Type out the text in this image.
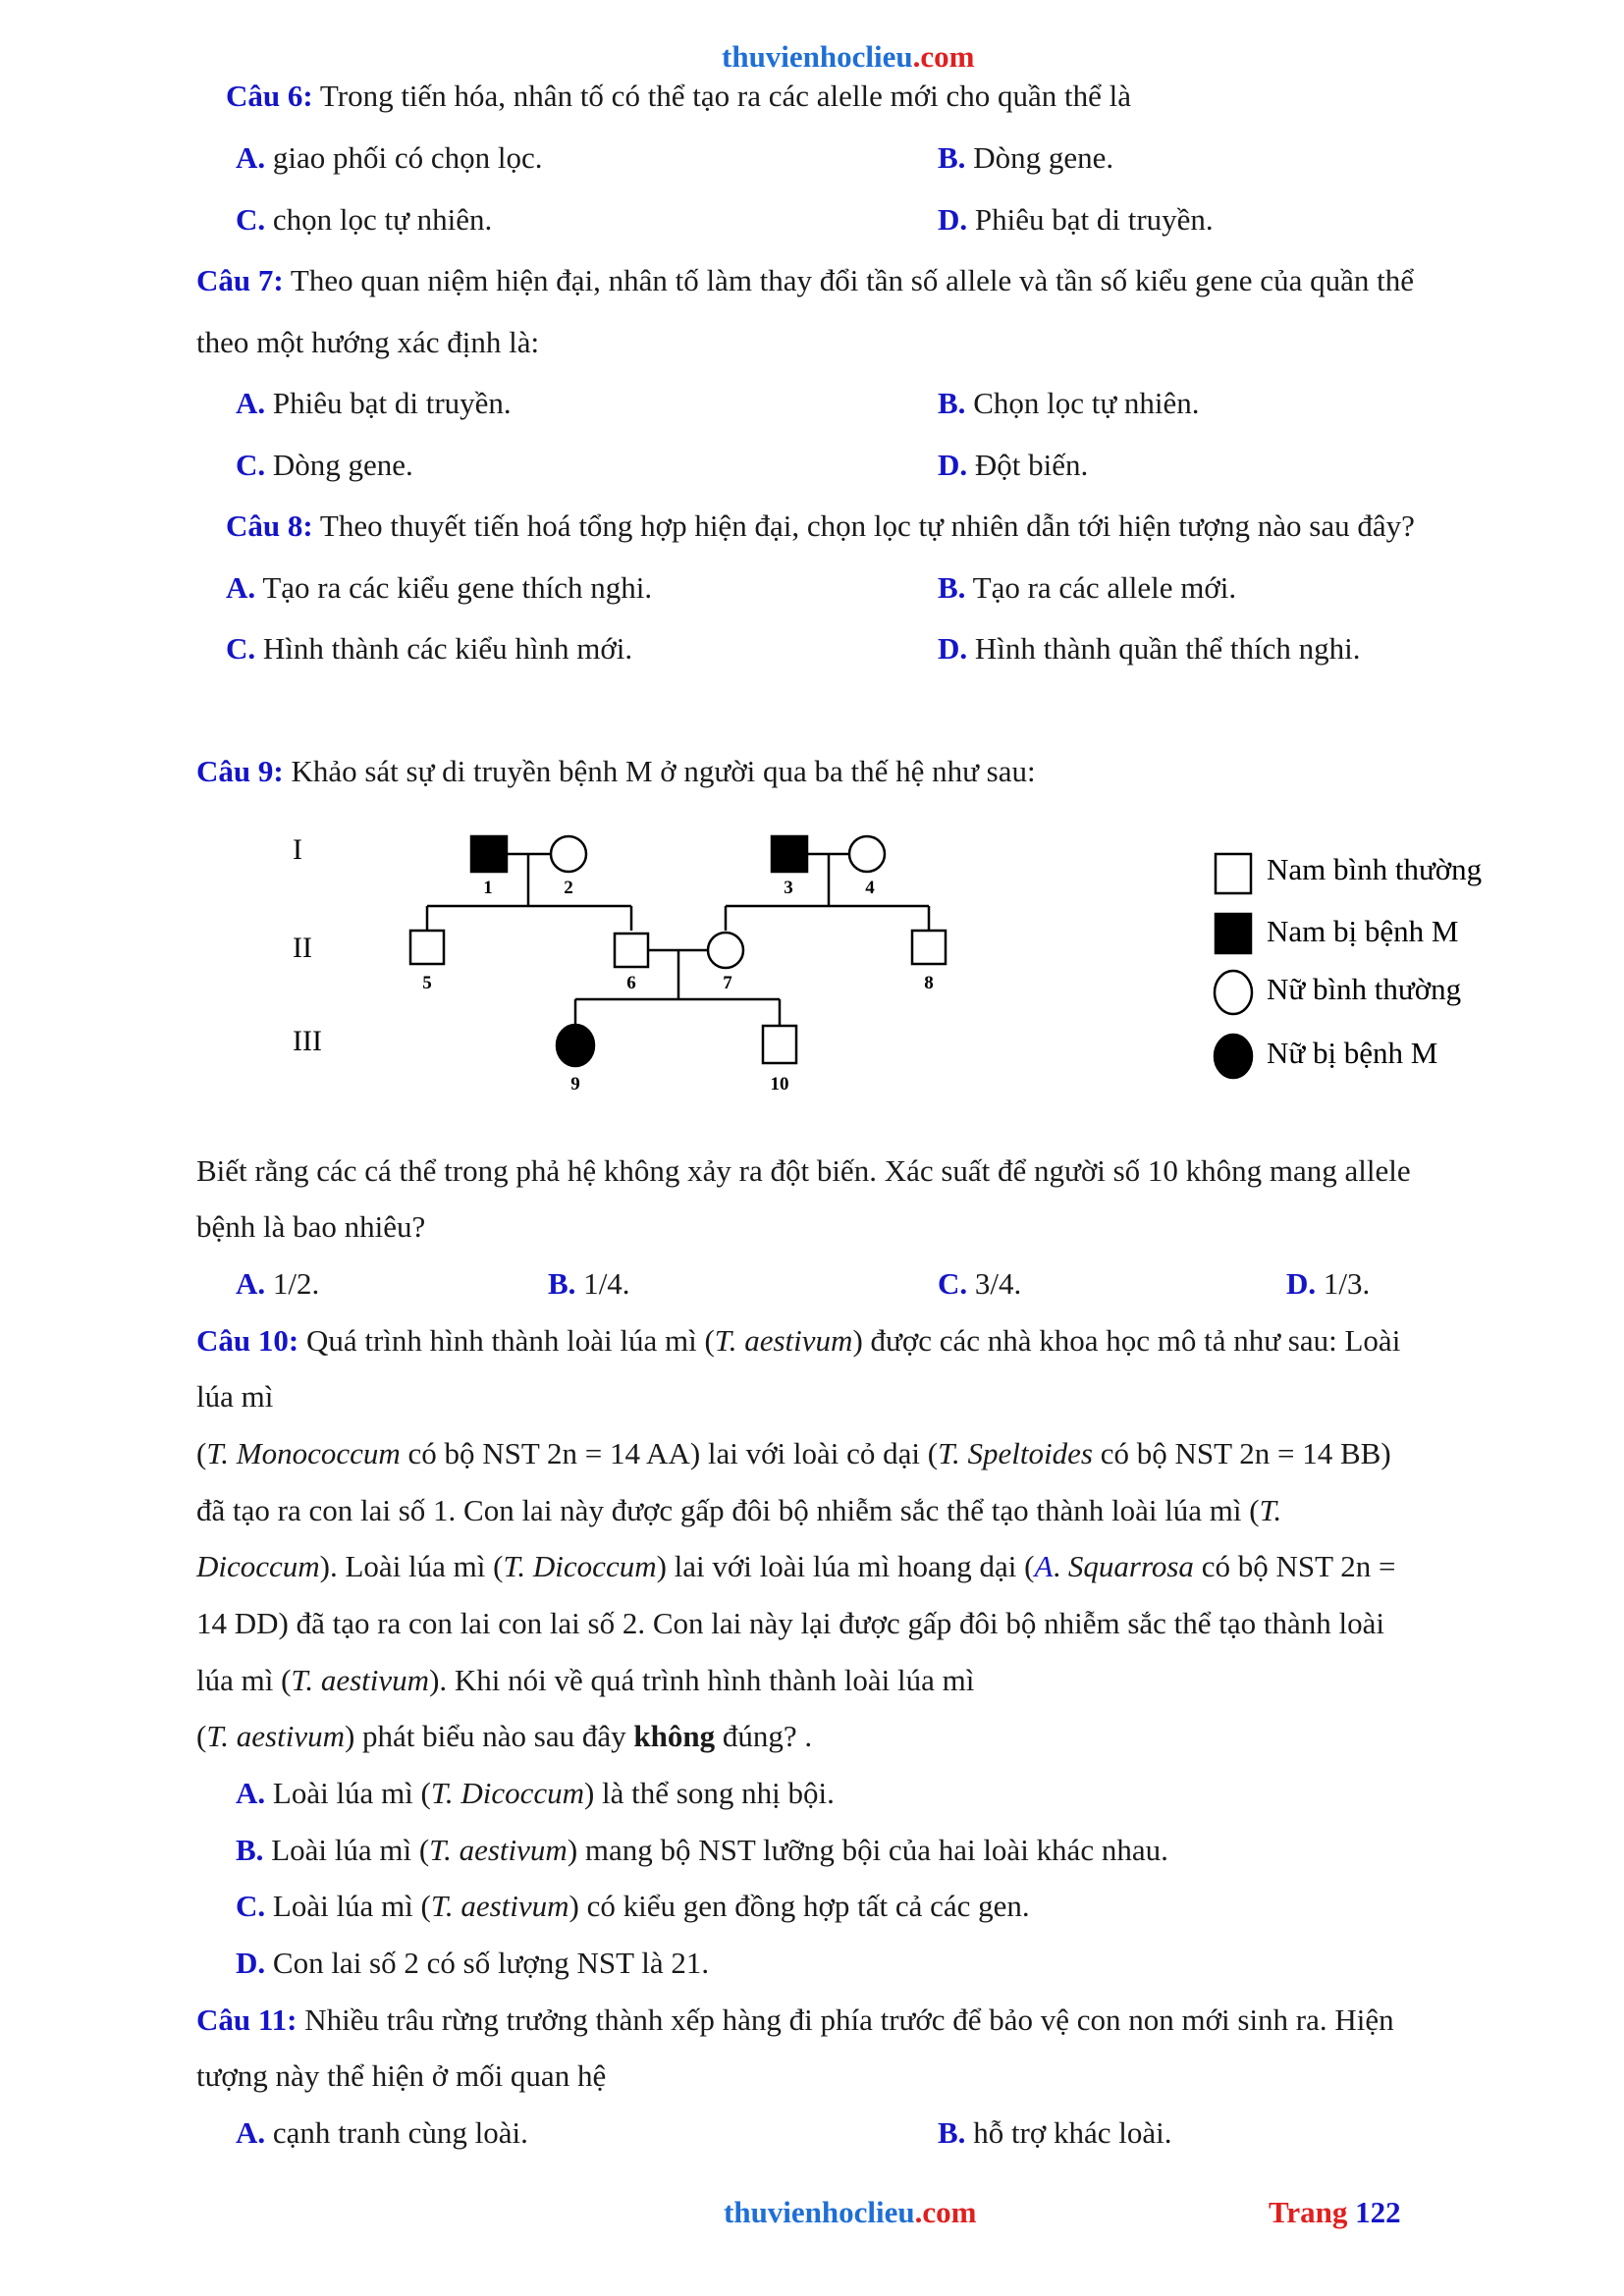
thuvienhoclieu.com
Câu 6: Trong tiến hóa, nhân tố có thể tạo ra các alelle mới cho quần thể là
A. giao phối có chọn lọc.	B. Dòng gene.
C. chọn lọc tự nhiên.	D. Phiêu bạt di truyền.
Câu 7: Theo quan niệm hiện đại, nhân tố làm thay đổi tần số allele và tần số kiểu gene của quần thể
theo một hướng xác định là:
A. Phiêu bạt di truyền.	B. Chọn lọc tự nhiên.
C. Dòng gene.	D. Đột biến.
Câu 8: Theo thuyết tiến hoá tổng hợp hiện đại, chọn lọc tự nhiên dẫn tới hiện tượng nào sau đây?
A. Tạo ra các kiểu gene thích nghi.	B. Tạo ra các allele mới.
C. Hình thành các kiểu hình mới.	D. Hình thành quần thể thích nghi.
Câu 9: Khảo sát sự di truyền bệnh M ở người qua ba thế hệ như sau:
I
II
III
1	2	3	4
5	6	7	8
9	10
Nam bình thường
Nam bị bệnh M
Nữ bình thường
Nữ bị bệnh M
Biết rằng các cá thể trong phả hệ không xảy ra đột biến. Xác suất để người số 10 không mang allele
bệnh là bao nhiêu?
A. 1/2.	B. 1/4.	C. 3/4.	D. 1/3.
Câu 10: Quá trình hình thành loài lúa mì (T. aestivum) được các nhà khoa học mô tả như sau: Loài
lúa mì
(T. Monococcum có bộ NST 2n = 14 AA) lai với loài cỏ dại (T. Speltoides có bộ NST 2n = 14 BB)
đã tạo ra con lai số 1. Con lai này được gấp đôi bộ nhiễm sắc thể tạo thành loài lúa mì (T.
Dicoccum). Loài lúa mì (T. Dicoccum) lai với loài lúa mì hoang dại (A. Squarrosa có bộ NST 2n =
14 DD) đã tạo ra con lai con lai số 2. Con lai này lại được gấp đôi bộ nhiễm sắc thể tạo thành loài
lúa mì (T. aestivum). Khi nói về quá trình hình thành loài lúa mì
(T. aestivum) phát biểu nào sau đây không đúng? .
A. Loài lúa mì (T. Dicoccum) là thể song nhị bội.
B. Loài lúa mì (T. aestivum) mang bộ NST lưỡng bội của hai loài khác nhau.
C. Loài lúa mì (T. aestivum) có kiểu gen đồng hợp tất cả các gen.
D. Con lai số 2 có số lượng NST là 21.
Câu 11: Nhiều trâu rừng trưởng thành xếp hàng đi phía trước để bảo vệ con non mới sinh ra. Hiện
tượng này thể hiện ở mối quan hệ
A. cạnh tranh cùng loài.	B. hỗ trợ khác loài.
thuvienhoclieu.com	Trang 122
